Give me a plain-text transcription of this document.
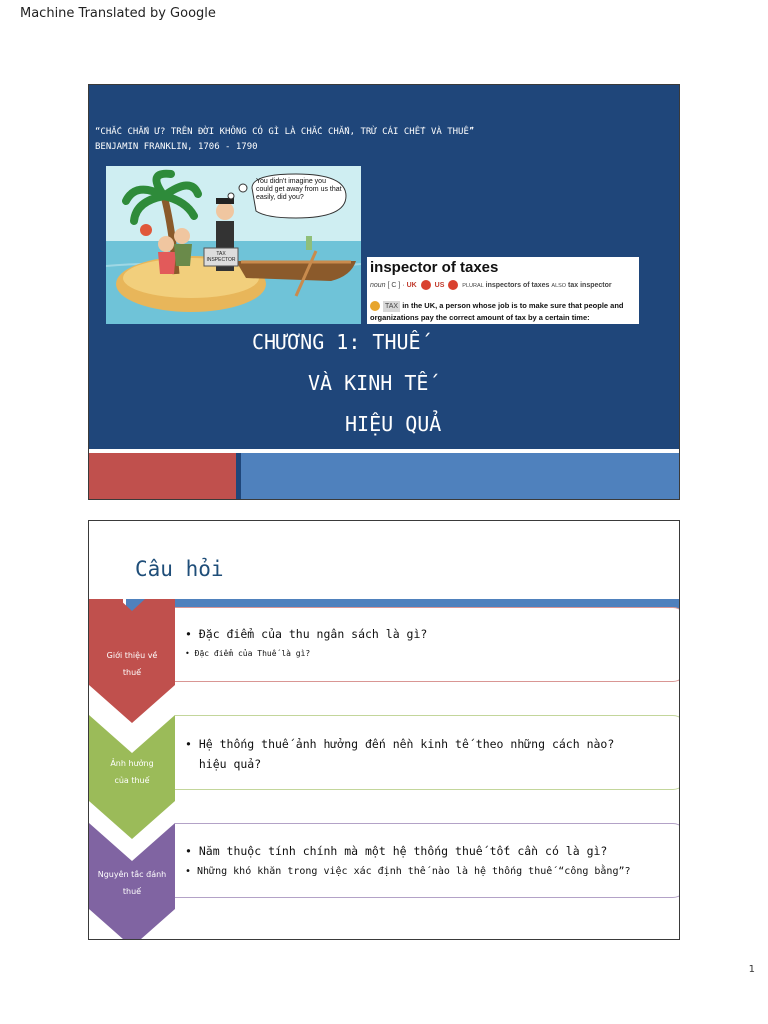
Machine Translated by Google
“CHẮC CHẮN Ư? TRÊN ĐỜI KHÔNG CÓ GÌ LÀ CHẮC CHẮN, TRỪ CÁI CHẾT VÀ THUẾ”
BENJAMIN FRANKLIN, 1706 - 1790
You didn't imagine you could get away from us that easily, did you?
TAX INSPECTOR	inspector of taxes
noun [ C ] · UK	US	PLURAL inspectors of taxes ALSO tax inspector
TAX in the UK, a person whose job is to make sure that people and organizations pay the correct amount of tax by a certain time:
CHƯƠNG 1: THUẾ
VÀ KINH TẾ
HIỆU QUẢ
Câu hỏi
Giới thiệu về
thuế
• Đặc điểm của thu ngân sách là gì?
• Đặc điểm của Thuế là gì?
Ảnh hưởng
của thuế
• Hệ thống thuế ảnh hưởng đến nền kinh tế theo những cách nào?
hiệu quả?
Nguyên tắc đánh
thuế
• Năm thuộc tính chính mà một hệ thống thuế tốt cần có là gì?
• Những khó khăn trong việc xác định thế nào là hệ thống thuế “công bằng”?
1
